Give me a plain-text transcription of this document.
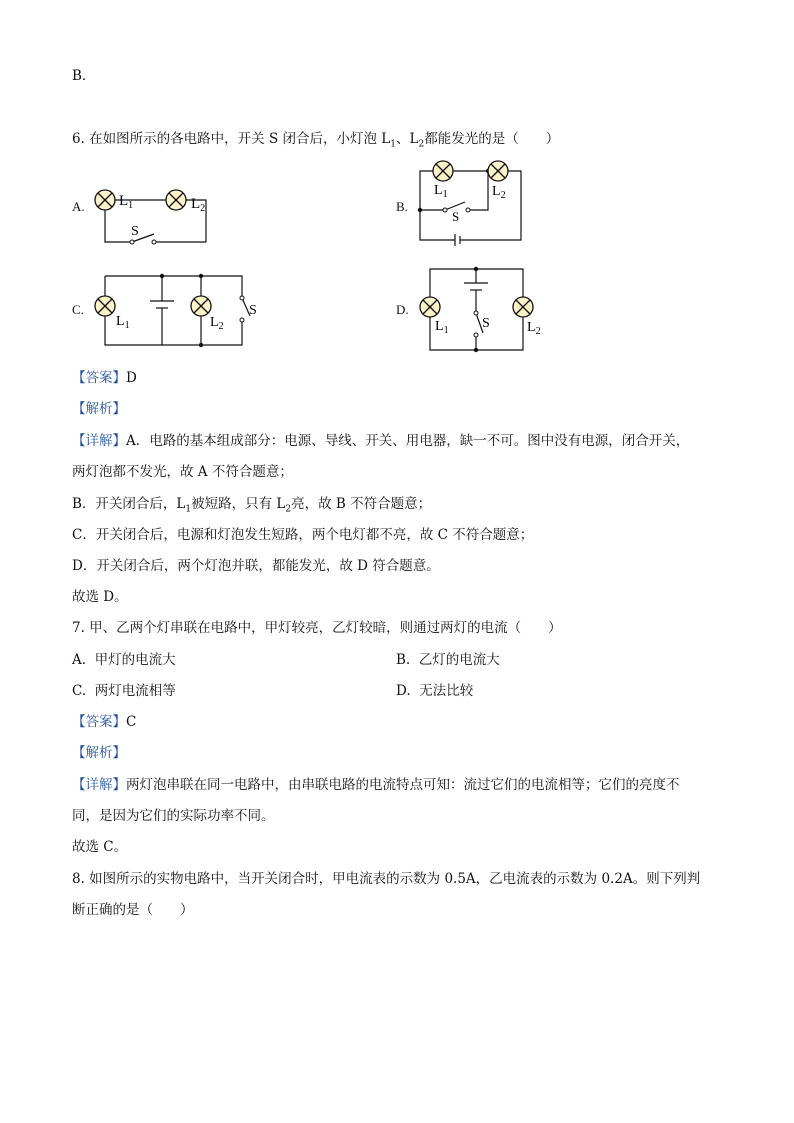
B．
6. 在如图所示的各电路中，开关 S 闭合后，小灯泡 $L_1$、$L_2$都能发光的是（　　）
A.	B.
C.	D.
$L_1$	$L_2$
S
$L_1$	$L_2$
S
$L_1$	$L_2$
S
$L_1$	$L_2$
S
【答案】D
【解析】
【详解】A．电路的基本组成部分：电源、导线、开关、用电器，缺一不可。图中没有电源，闭合开关，
两灯泡都不发光，故 A 不符合题意；
B．开关闭合后，$L_1$被短路，只有 $L_2$亮，故 B 不符合题意；
C．开关闭合后，电源和灯泡发生短路，两个电灯都不亮，故 C 不符合题意；
D．开关闭合后，两个灯泡并联，都能发光，故 D 符合题意。
故选 D。
7. 甲、乙两个灯串联在电路中，甲灯较亮，乙灯较暗，则通过两灯的电流（　　）
A. 甲灯的电流大	B. 乙灯的电流大
C. 两灯电流相等	D. 无法比较
【答案】C
【解析】
【详解】两灯泡串联在同一电路中，由串联电路的电流特点可知：流过它们的电流相等；它们的亮度不
同，是因为它们的实际功率不同。
故选 C。
8. 如图所示的实物电路中，当开关闭合时，甲电流表的示数为 0.5A，乙电流表的示数为 0.2A。则下列判
断正确的是（　　）
